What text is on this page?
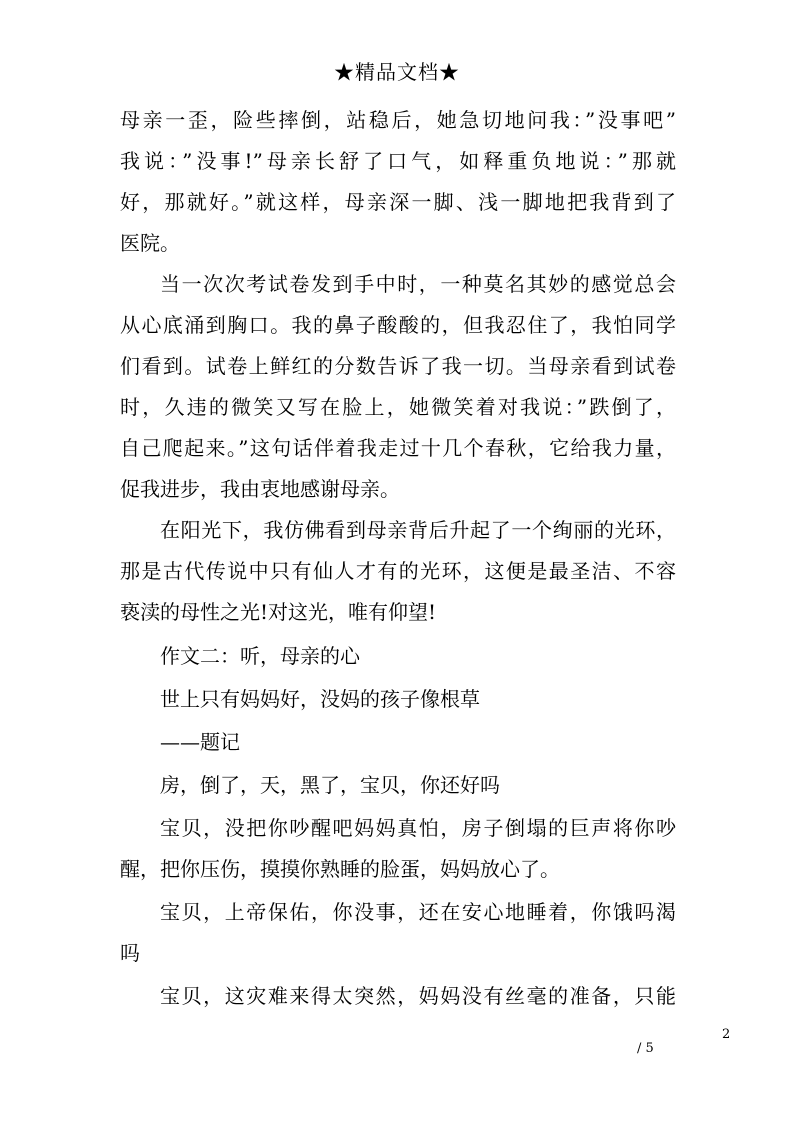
★精品文档★
母亲一歪，险些摔倒，站稳后，她急切地问我：”没事吧”
我说：”没事!”母亲长舒了口气，如释重负地说：”那就
好，那就好。”就这样，母亲深一脚、浅一脚地把我背到了
医院。
当一次次考试卷发到手中时，一种莫名其妙的感觉总会
从心底涌到胸口。我的鼻子酸酸的，但我忍住了，我怕同学
们看到。试卷上鲜红的分数告诉了我一切。当母亲看到试卷
时，久违的微笑又写在脸上，她微笑着对我说：”跌倒了，
自己爬起来。”这句话伴着我走过十几个春秋，它给我力量，
促我进步，我由衷地感谢母亲。
在阳光下，我仿佛看到母亲背后升起了一个绚丽的光环，
那是古代传说中只有仙人才有的光环，这便是最圣洁、不容
亵渎的母性之光!对这光，唯有仰望!
作文二：听，母亲的心
世上只有妈妈好，没妈的孩子像根草
——题记
房，倒了，天，黑了，宝贝，你还好吗
宝贝，没把你吵醒吧妈妈真怕，房子倒塌的巨声将你吵
醒，把你压伤，摸摸你熟睡的脸蛋，妈妈放心了。
宝贝，上帝保佑，你没事，还在安心地睡着，你饿吗渴
吗
宝贝，这灾难来得太突然，妈妈没有丝毫的准备，只能
2
/ 5
